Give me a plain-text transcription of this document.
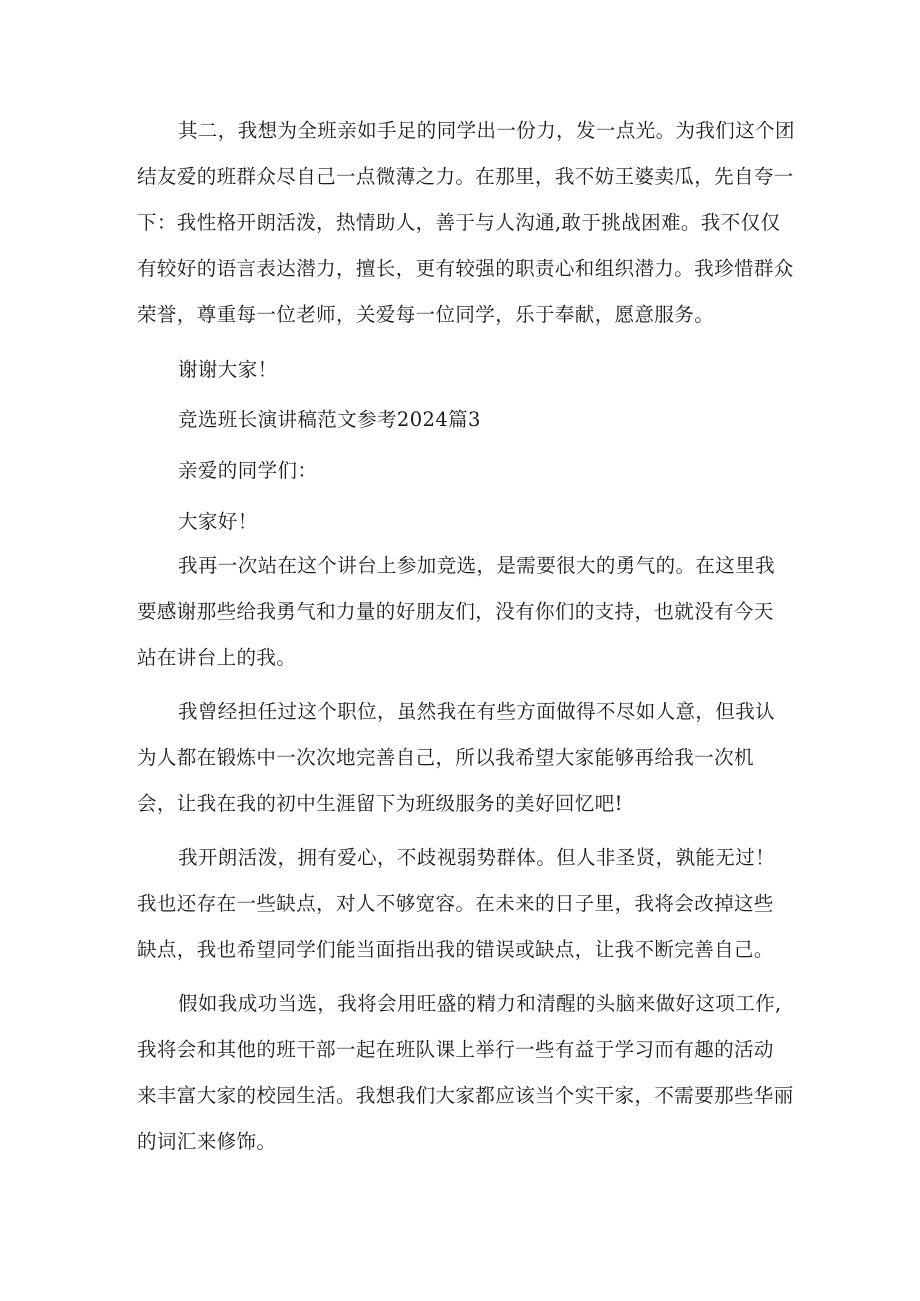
其二，我想为全班亲如手足的同学出一份力，发一点光。为我们这个团
结友爱的班群众尽自己一点微薄之力。在那里，我不妨王婆卖瓜，先自夸一
下：我性格开朗活泼，热情助人，善于与人沟通,敢于挑战困难。我不仅仅
有较好的语言表达潜力，擅长，更有较强的职责心和组织潜力。我珍惜群众
荣誉，尊重每一位老师，关爱每一位同学，乐于奉献，愿意服务。
谢谢大家！
竞选班长演讲稿范文参考2024篇3
亲爱的同学们：
大家好！
我再一次站在这个讲台上参加竞选，是需要很大的勇气的。在这里我
要感谢那些给我勇气和力量的好朋友们，没有你们的支持，也就没有今天
站在讲台上的我。
我曾经担任过这个职位，虽然我在有些方面做得不尽如人意，但我认
为人都在锻炼中一次次地完善自己，所以我希望大家能够再给我一次机
会，让我在我的初中生涯留下为班级服务的美好回忆吧!
我开朗活泼，拥有爱心，不歧视弱势群体。但人非圣贤，孰能无过！
我也还存在一些缺点，对人不够宽容。在未来的日子里，我将会改掉这些
缺点，我也希望同学们能当面指出我的错误或缺点，让我不断完善自己。
假如我成功当选，我将会用旺盛的精力和清醒的头脑来做好这项工作,
我将会和其他的班干部一起在班队课上举行一些有益于学习而有趣的活动
来丰富大家的校园生活。我想我们大家都应该当个实干家，不需要那些华丽
的词汇来修饰。
